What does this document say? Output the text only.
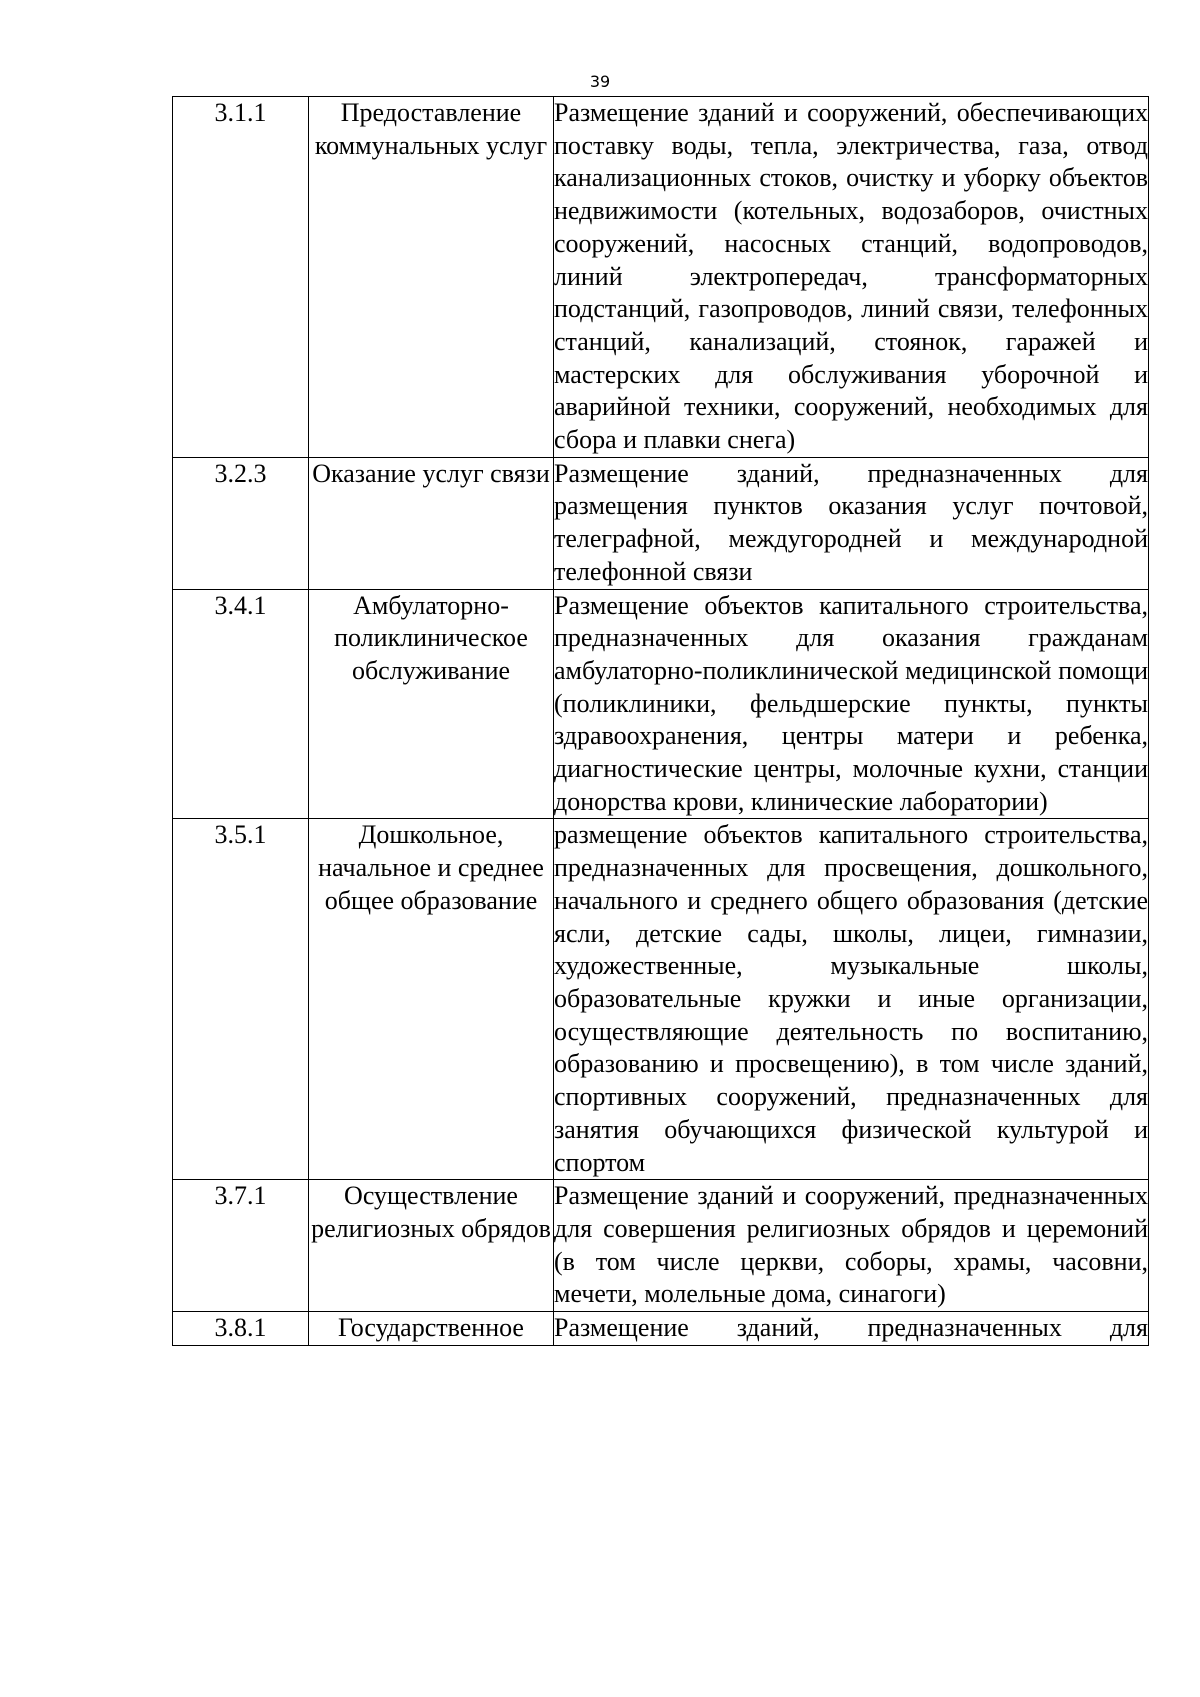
39
3.1.1	Предоставление коммунальных услуг	Размещение зданий и сооружений, обеспечивающих поставку воды, тепла, электричества, газа, отвод канализационных стоков, очистку и уборку объектов недвижимости (котельных, водозаборов, очистных сооружений, насосных станций, водопроводов, линий электропередач, трансформаторных подстанций, газопроводов, линий связи, телефонных станций, канализаций, стоянок, гаражей и мастерских для обслуживания уборочной и аварийной техники, сооружений, необходимых для сбора и плавки снега)
3.2.3	Оказание услуг связи	Размещение зданий, предназначенных для размещения пунктов оказания услуг почтовой, телеграфной, междугородней и международной телефонной связи
3.4.1	Амбулаторно-поликлиническое обслуживание	Размещение объектов капитального строительства, предназначенных для оказания гражданам амбулаторно-поликлинической медицинской помощи (поликлиники, фельдшерские пункты, пункты здравоохранения, центры матери и ребенка, диагностические центры, молочные кухни, станции донорства крови, клинические лаборатории)
3.5.1	Дошкольное, начальное и среднее общее образование	размещение объектов капитального строительства, предназначенных для просвещения, дошкольного, начального и среднего общего образования (детские ясли, детские сады, школы, лицеи, гимназии, художественные, музыкальные школы, образовательные кружки и иные организации, осуществляющие деятельность по воспитанию, образованию и просвещению), в том числе зданий, спортивных сооружений, предназначенных для занятия обучающихся физической культурой и спортом
3.7.1	Осуществление религиозных обрядов	Размещение зданий и сооружений, предназначенных для совершения религиозных обрядов и церемоний (в том числе церкви, соборы, храмы, часовни, мечети, молельные дома, синагоги)
3.8.1	Государственное	Размещение зданий, предназначенных для
